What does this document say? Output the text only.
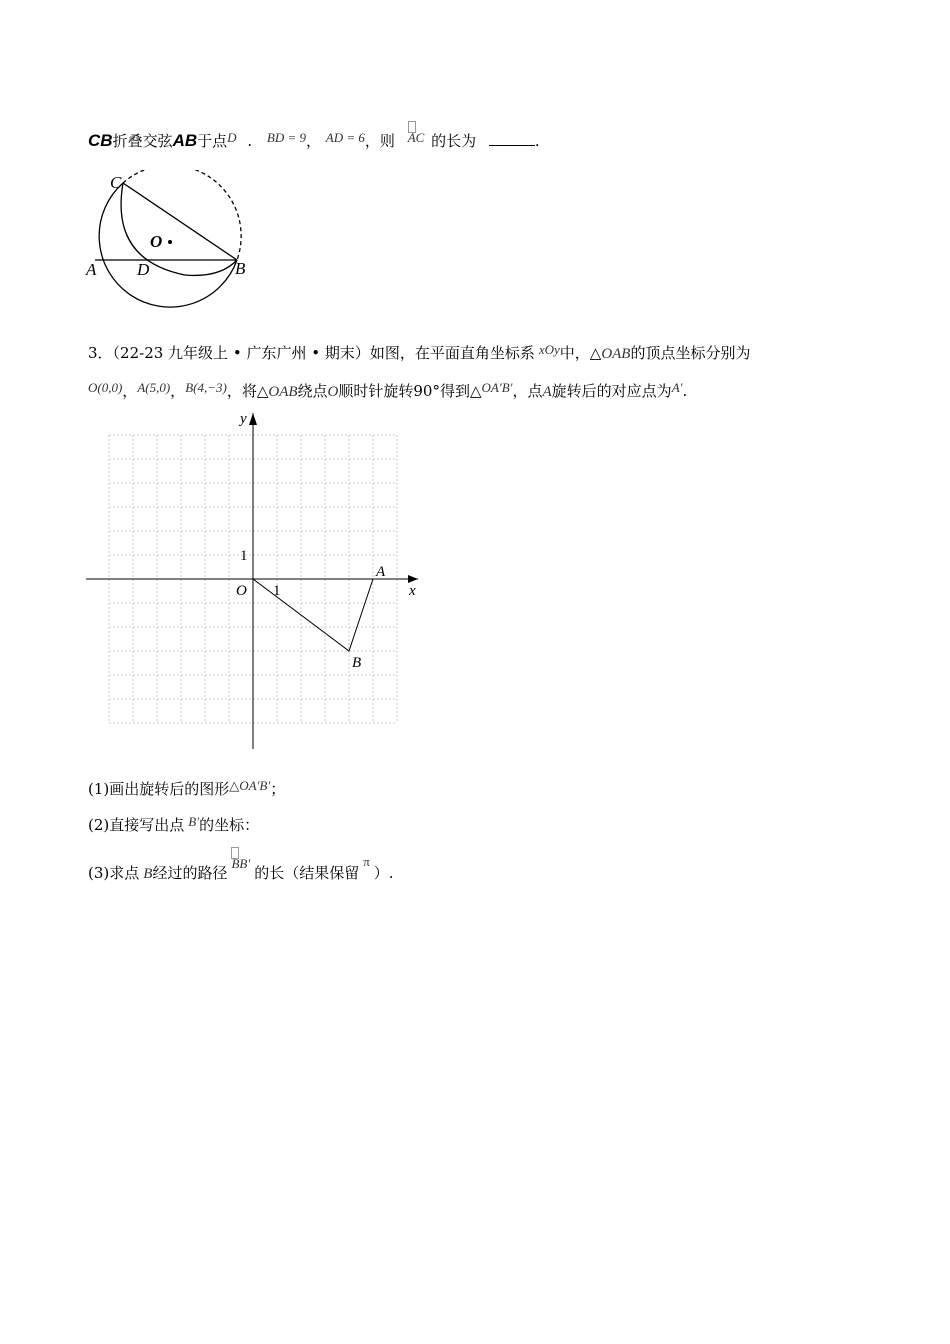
CB折叠交弦AB于点D . BD = 9， AD = 6，则 AC 的长为	.
C
O
A D	B
3．（22-23 九年级上 • 广东广州 • 期末）如图，在平面直角坐标系 xOy中，△OAB的顶点坐标分别为
O(0,0)，A(5,0)，B(4,−3)，将△OAB绕点O顺时针旋转90°得到△OA′B′，点A旋转后的对应点为A′.
y
x
O 1
1
A
B
(1)画出旋转后的图形△OA′B′；
(2)直接写出点 B′的坐标：
(3)求点 B经过的路径BB′的长（结果保留π）.
